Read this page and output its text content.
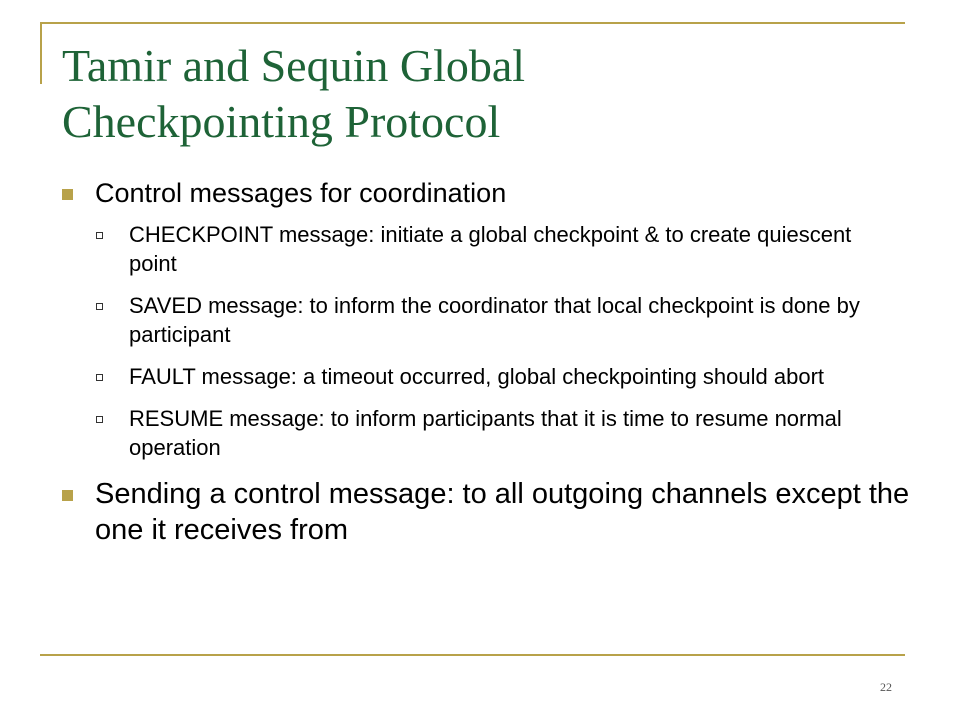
Tamir and Sequin Global
Checkpointing Protocol
Control messages for coordination
CHECKPOINT message: initiate a global checkpoint & to create quiescent point
SAVED message: to inform the coordinator that local checkpoint is done by participant
FAULT message: a timeout occurred, global checkpointing should abort
RESUME message: to inform participants that it is time to resume normal operation
Sending a control message: to all outgoing channels except the one it receives from
22
